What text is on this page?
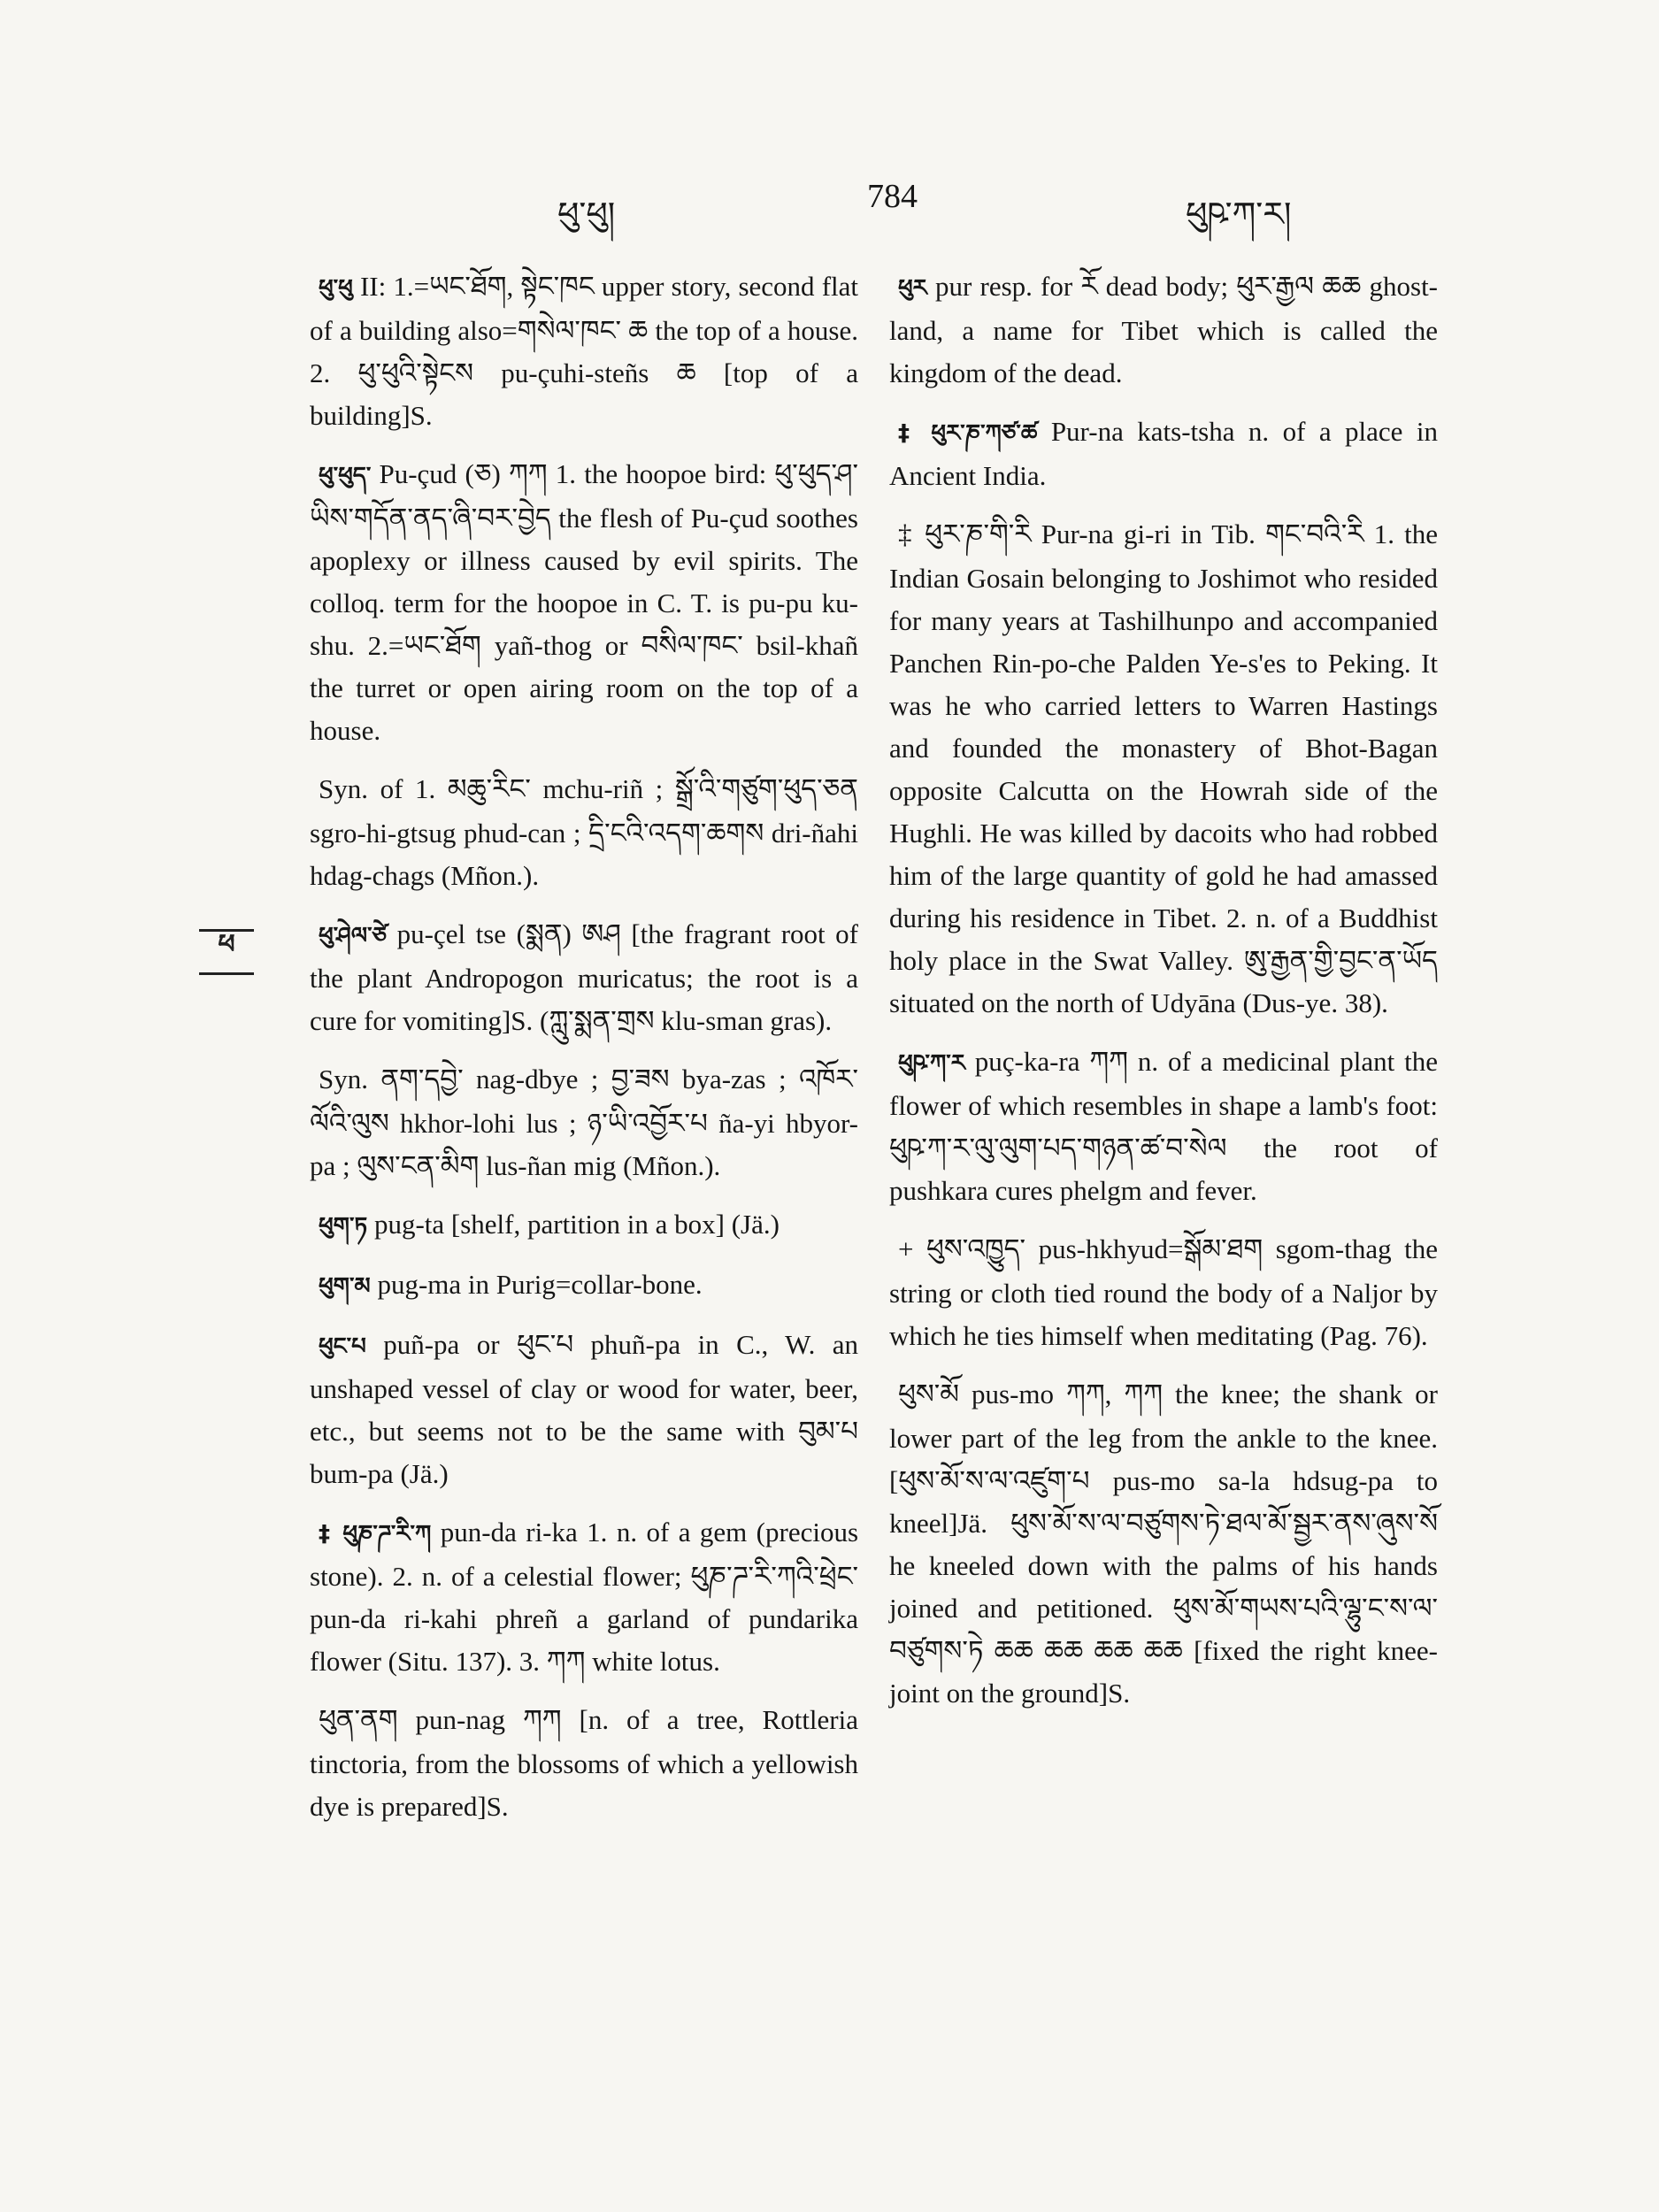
ཕུ་ཕུ།	784	ཕུཥ་ཀ་ར།
ཕ

ཕུ་ཕུ II: 1.=ཡང་ཐོག, སྟེང་ཁང upper story, second flat of a building also=གསེལ་ཁང་ ཆ the top of a house. 2. ཕུ་ཕུའི་སྟེངས pu-çuhi-steñs ཆ [top of a building]S.

ཕུ་ཕུད་ Pu-çud (ཅ) ཀཀ 1. the hoopoe bird: ཕུ་ཕུད་ཤ་ཡིས་གདོན་ནད་ཞི་བར་བྱེད the flesh of Pu-çud soothes apoplexy or illness caused by evil spirits. The colloq. term for the hoopoe in C. T. is pu-pu ku-shu. 2.=ཡང་ཐོག yañ-thog or བསིལ་ཁང་ bsil-khañ the turret or open airing room on the top of a house.

Syn. of 1. མཆུ་རིང་ mchu-riñ ; སྒྲོ་འི་གཙུག་ཕུད་ཅན sgro-hi-gtsug phud-can ; དྲི་ངའི་འདག་ཆགས dri-ñahi hdag-chags (Mñon.).

ཕུ་ཤེལ་ཙེ pu-çel tse (སྨན) ཨཤ [the fragrant root of the plant Andropogon muricatus; the root is a cure for vomiting]S. (ཀླུ་སྨན་གྲས klu-sman gras).

Syn. ནག་དབྱེ་ nag-dbye ; བྱ་ཟས bya-zas ; འཁོར་ལོའི་ལུས hkhor-lohi lus ; ཉ་ཡི་འབྱོར་པ ña-yi hbyor-pa ; ལུས་ངན་མིག lus-ñan mig (Mñon.).

ཕུག་ཏ pug-ta [shelf, partition in a box] (Jä.)

ཕུག་མ pug-ma in Purig=collar-bone.

ཕུང་པ puñ-pa or ཕུང་པ phuñ-pa in C., W. an unshaped vessel of clay or wood for water, beer, etc., but seems not to be the same with བུམ་པ bum-pa (Jä.)

‡ ཕུཎ་ཌ་རི་ཀ pun-da ri-ka 1. n. of a gem (precious stone). 2. n. of a celestial flower; ཕུཎ་ཌ་རི་ཀའི་ཕྲེང་ pun-da ri-kahi phreñ a garland of pundarika flower (Situ. 137). 3. ཀཀ white lotus.

ཕུན་ནག pun-nag ཀཀ [n. of a tree, Rottleria tinctoria, from the blossoms of which a yellowish dye is prepared]S.

ཕུར pur resp. for རོ dead body; ཕུར་རྒྱལ ཆཆ ghost-land, a name for Tibet which is called the kingdom of the dead.

‡ ཕུར་ཎ་ཀཙ་ཚ Pur-na kats-tsha n. of a place in Ancient India.

‡ ཕུར་ཎ་གི་རི Pur-na gi-ri in Tib. གང་བའི་རི 1. the Indian Gosain belonging to Joshimot who resided for many years at Tashilhunpo and accompanied Panchen Rin-po-che Palden Ye-s'es to Peking. It was he who carried letters to Warren Hastings and founded the monastery of Bhot-Bagan opposite Calcutta on the Howrah side of the Hughli. He was killed by dacoits who had robbed him of the large quantity of gold he had amassed during his residence in Tibet. 2. n. of a Buddhist holy place in the Swat Valley. ཨུ་རྒྱན་གྱི་བྱང་ན་ཡོད situated on the north of Udyāna (Dus-ye. 38).

ཕུཥ་ཀ་ར puç-ka-ra ཀཀ n. of a medicinal plant the flower of which resembles in shape a lamb's foot: ཕུཥ་ཀ་ར་ལུ་ལུག་པད་གཉན་ཚ་བ་སེལ the root of pushkara cures phelgm and fever.

+ ཕུས་འཁྱུད་ pus-hkhyud=སྒོམ་ཐག sgom-thag the string or cloth tied round the body of a Naljor by which he ties himself when meditating (Pag. 76).

ཕུས་མོ pus-mo ཀཀ, ཀཀ the knee; the shank or lower part of the leg from the ankle to the knee. [ཕུས་མོ་ས་ལ་འཛུག་པ pus-mo sa-la hdsug-pa to kneel]Jä. ཕུས་མོ་ས་ལ་བཙུགས་ཏེ་ཐལ་མོ་སྦྱར་ནས་ཞུས་སོ he kneeled down with the palms of his hands joined and petitioned. ཕུས་མོ་གཡས་པའི་ལྷུ་ང་ས་ལ་བཙུགས་ཏེ ཆཆ ཆཆ ཆཆ ཆཆ [fixed the right knee-joint on the ground]S.
